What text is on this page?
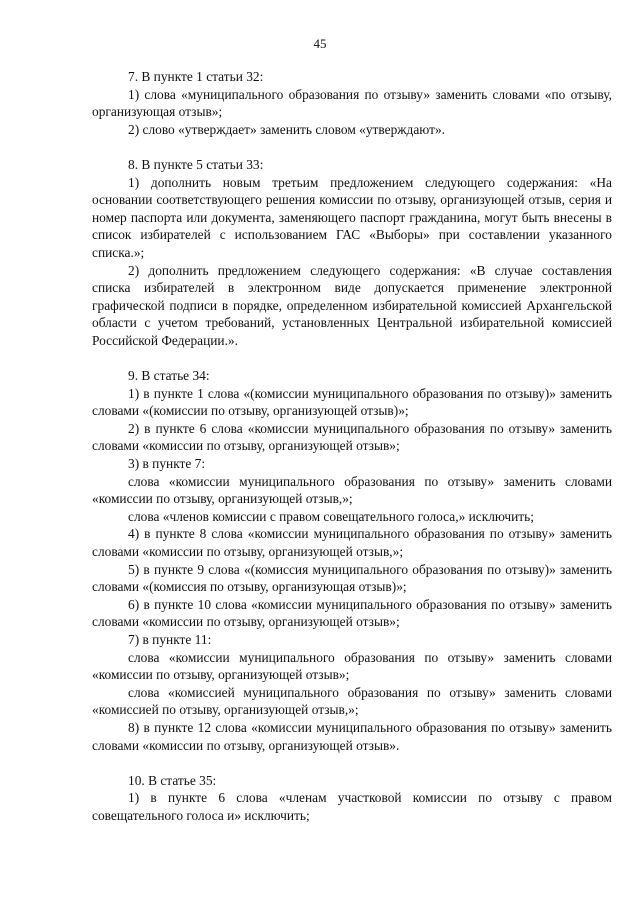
45

7. В пункте 1 статьи 32:

1) слова «муниципального образования по отзыву» заменить словами «по отзыву, организующая отзыв»;

2) слово «утверждает» заменить словом «утверждают».

8. В пункте 5 статьи 33:

1) дополнить новым третьим предложением следующего содержания: «На основании соответствующего решения комиссии по отзыву, организующей отзыв, серия и номер паспорта или документа, заменяющего паспорт гражданина, могут быть внесены в список избирателей с использованием ГАС «Выборы» при составлении указанного списка.»;

2) дополнить предложением следующего содержания: «В случае составления списка избирателей в электронном виде допускается применение электронной графической подписи в порядке, определенном избирательной комиссией Архангельской области с учетом требований, установленных Центральной избирательной комиссией Российской Федерации.».

9. В статье 34:

1) в пункте 1 слова «(комиссии муниципального образования по отзыву)» заменить словами «(комиссии по отзыву, организующей отзыв)»;

2) в пункте 6 слова «комиссии муниципального образования по отзыву» заменить словами «комиссии по отзыву, организующей отзыв»;

3) в пункте 7:

слова «комиссии муниципального образования по отзыву» заменить словами «комиссии по отзыву, организующей отзыв,»;

слова «членов комиссии с правом совещательного голоса,» исключить;

4) в пункте 8 слова «комиссии муниципального образования по отзыву» заменить словами «комиссии по отзыву, организующей отзыв,»;

5) в пункте 9 слова «(комиссия муниципального образования по отзыву)» заменить словами «(комиссия по отзыву, организующая отзыв)»;

6) в пункте 10 слова «комиссии муниципального образования по отзыву» заменить словами «комиссии по отзыву, организующей отзыв»;

7) в пункте 11:

слова «комиссии муниципального образования по отзыву» заменить словами «комиссии по отзыву, организующей отзыв»;

слова «комиссией муниципального образования по отзыву» заменить словами «комиссией по отзыву, организующей отзыв,»;

8) в пункте 12 слова «комиссии муниципального образования по отзыву» заменить словами «комиссии по отзыву, организующей отзыв».

10. В статье 35:

1) в пункте 6 слова «членам участковой комиссии по отзыву с правом совещательного голоса и» исключить;
